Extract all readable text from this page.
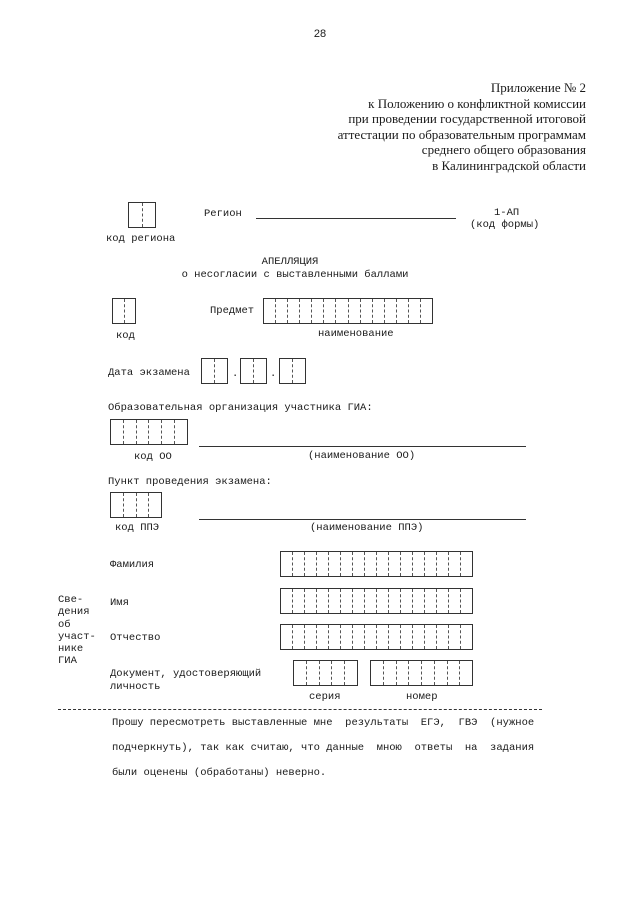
28
Приложение № 2
к Положению о конфликтной комиссии
при проведении государственной итоговой
аттестации по образовательным программам
среднего общего образования
в Калининградской области
код региона
Регион	1-АП
(код формы)
АПЕЛЛЯЦИЯ
о несогласии с выставленными баллами
код
Предмет
наименование
Дата экзамена	.	.
Образовательная организация участника ГИА:
код ОО	(наименование ОО)
Пункт проведения экзамена:
код ППЭ	(наименование ППЭ)
Све-
дения
об
участ-
нике
ГИА
Фамилия
Имя
Отчество
Документ, удостоверяющий
личность
серия	номер
Прошу пересмотреть выставленные мне  результаты  ЕГЭ,  ГВЭ  (нужное
подчеркнуть), так как считаю, что данные  мною  ответы  на  задания
были оценены (обработаны) неверно.
